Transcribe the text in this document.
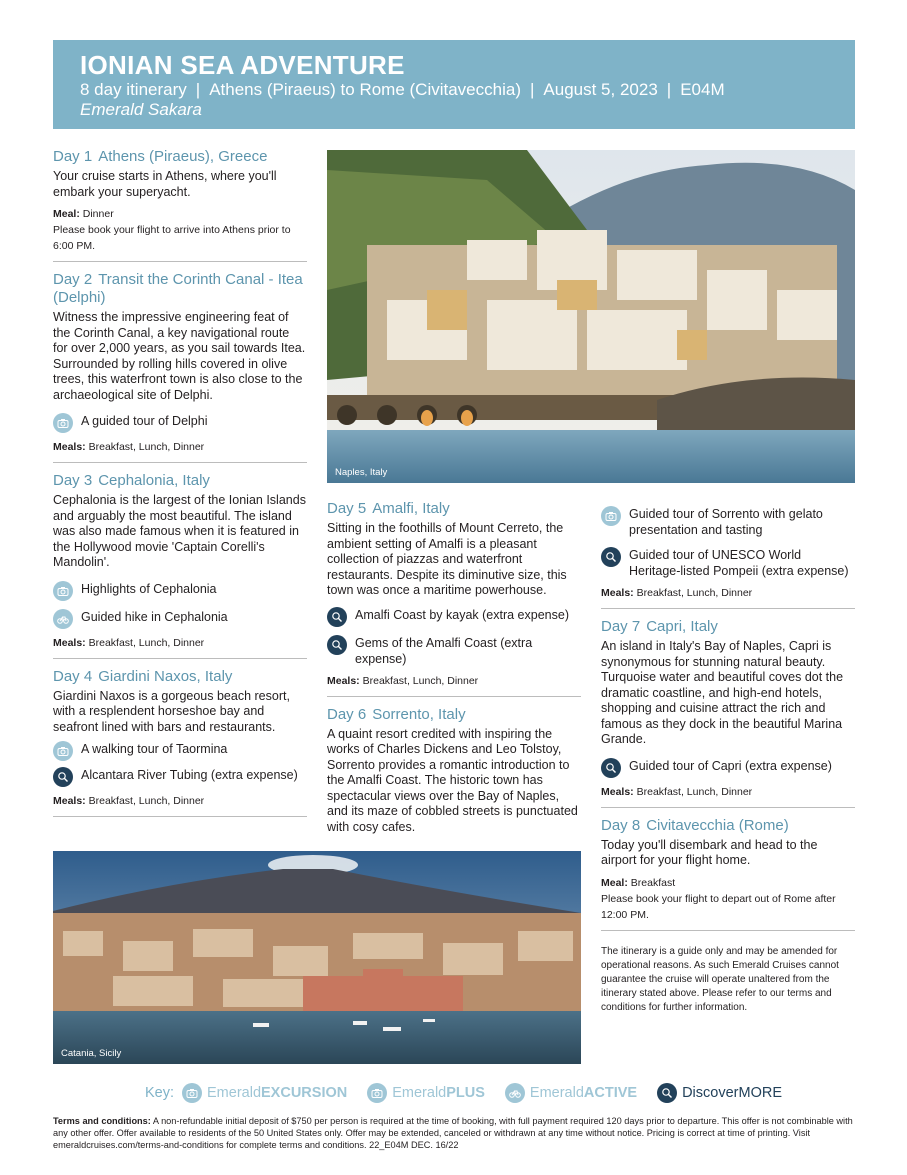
IONIAN SEA ADVENTURE
8 day itinerary | Athens (Piraeus) to Rome (Civitavecchia) | August 5, 2023 | E04M
Emerald Sakara

Day 1 Athens (Piraeus), Greece

Your cruise starts in Athens, where you'll embark your superyacht.

Meal: Dinner

Please book your flight to arrive into Athens prior to 6:00 PM.

Day 2 Transit the Corinth Canal - Itea (Delphi)

Witness the impressive engineering feat of the Corinth Canal, a key navigational route for over 2,000 years, as you sail towards Itea. Surrounded by rolling hills covered in olive trees, this waterfront town is also close to the archaeological site of Delphi.

A guided tour of Delphi

Meals: Breakfast, Lunch, Dinner

Day 3 Cephalonia, Italy

Cephalonia is the largest of the Ionian Islands and arguably the most beautiful. The island was also made famous when it is featured in the Hollywood movie 'Captain Corelli's Mandolin'.

Highlights of Cephalonia
Guided hike in Cephalonia

Meals: Breakfast, Lunch, Dinner

Day 4 Giardini Naxos, Italy

Giardini Naxos is a gorgeous beach resort, with a resplendent horseshoe bay and seafront lined with bars and restaurants.

A walking tour of Taormina
Alcantara River Tubing (extra expense)

Meals: Breakfast, Lunch, Dinner

Naples, Italy

Day 5 Amalfi, Italy

Sitting in the foothills of Mount Cerreto, the ambient setting of Amalfi is a pleasant collection of piazzas and waterfront restaurants. Despite its diminutive size, this town was once a maritime powerhouse.

Amalfi Coast by kayak (extra expense)
Gems of the Amalfi Coast (extra expense)

Meals: Breakfast, Lunch, Dinner

Day 6 Sorrento, Italy

A quaint resort credited with inspiring the works of Charles Dickens and Leo Tolstoy, Sorrento provides a romantic introduction to the Amalfi Coast. The historic town has spectacular views over the Bay of Naples, and its maze of cobbled streets is punctuated with cosy cafes.

Guided tour of Sorrento with gelato presentation and tasting
Guided tour of UNESCO World Heritage-listed Pompeii (extra expense)

Meals: Breakfast, Lunch, Dinner

Day 7 Capri, Italy

An island in Italy's Bay of Naples, Capri is synonymous for stunning natural beauty. Turquoise water and beautiful coves dot the dramatic coastline, and high-end hotels, shopping and cuisine attract the rich and famous as they dock in the beautiful Marina Grande.

Guided tour of Capri (extra expense)

Meals: Breakfast, Lunch, Dinner

Day 8 Civitavecchia (Rome)

Today you'll disembark and head to the airport for your flight home.

Meal: Breakfast

Please book your flight to depart out of Rome after 12:00 PM.

The itinerary is a guide only and may be amended for operational reasons. As such Emerald Cruises cannot guarantee the cruise will operate unaltered from the itinerary stated above. Please refer to our terms and conditions for further information.

Catania, Sicily
Key: Emerald EXCURSION	Emerald PLUS	Emerald ACTIVE	Discover MORE
Terms and conditions: A non-refundable initial deposit of $750 per person is required at the time of booking, with full payment required 120 days prior to departure. This offer is not combinable with any other offer. Offer available to residents of the 50 United States only. Offer may be extended, canceled or withdrawn at any time without notice. Pricing is correct at time of printing. Visit emeraldcruises.com/terms-and-conditions for complete terms and conditions. 22_E04M DEC. 16/22
